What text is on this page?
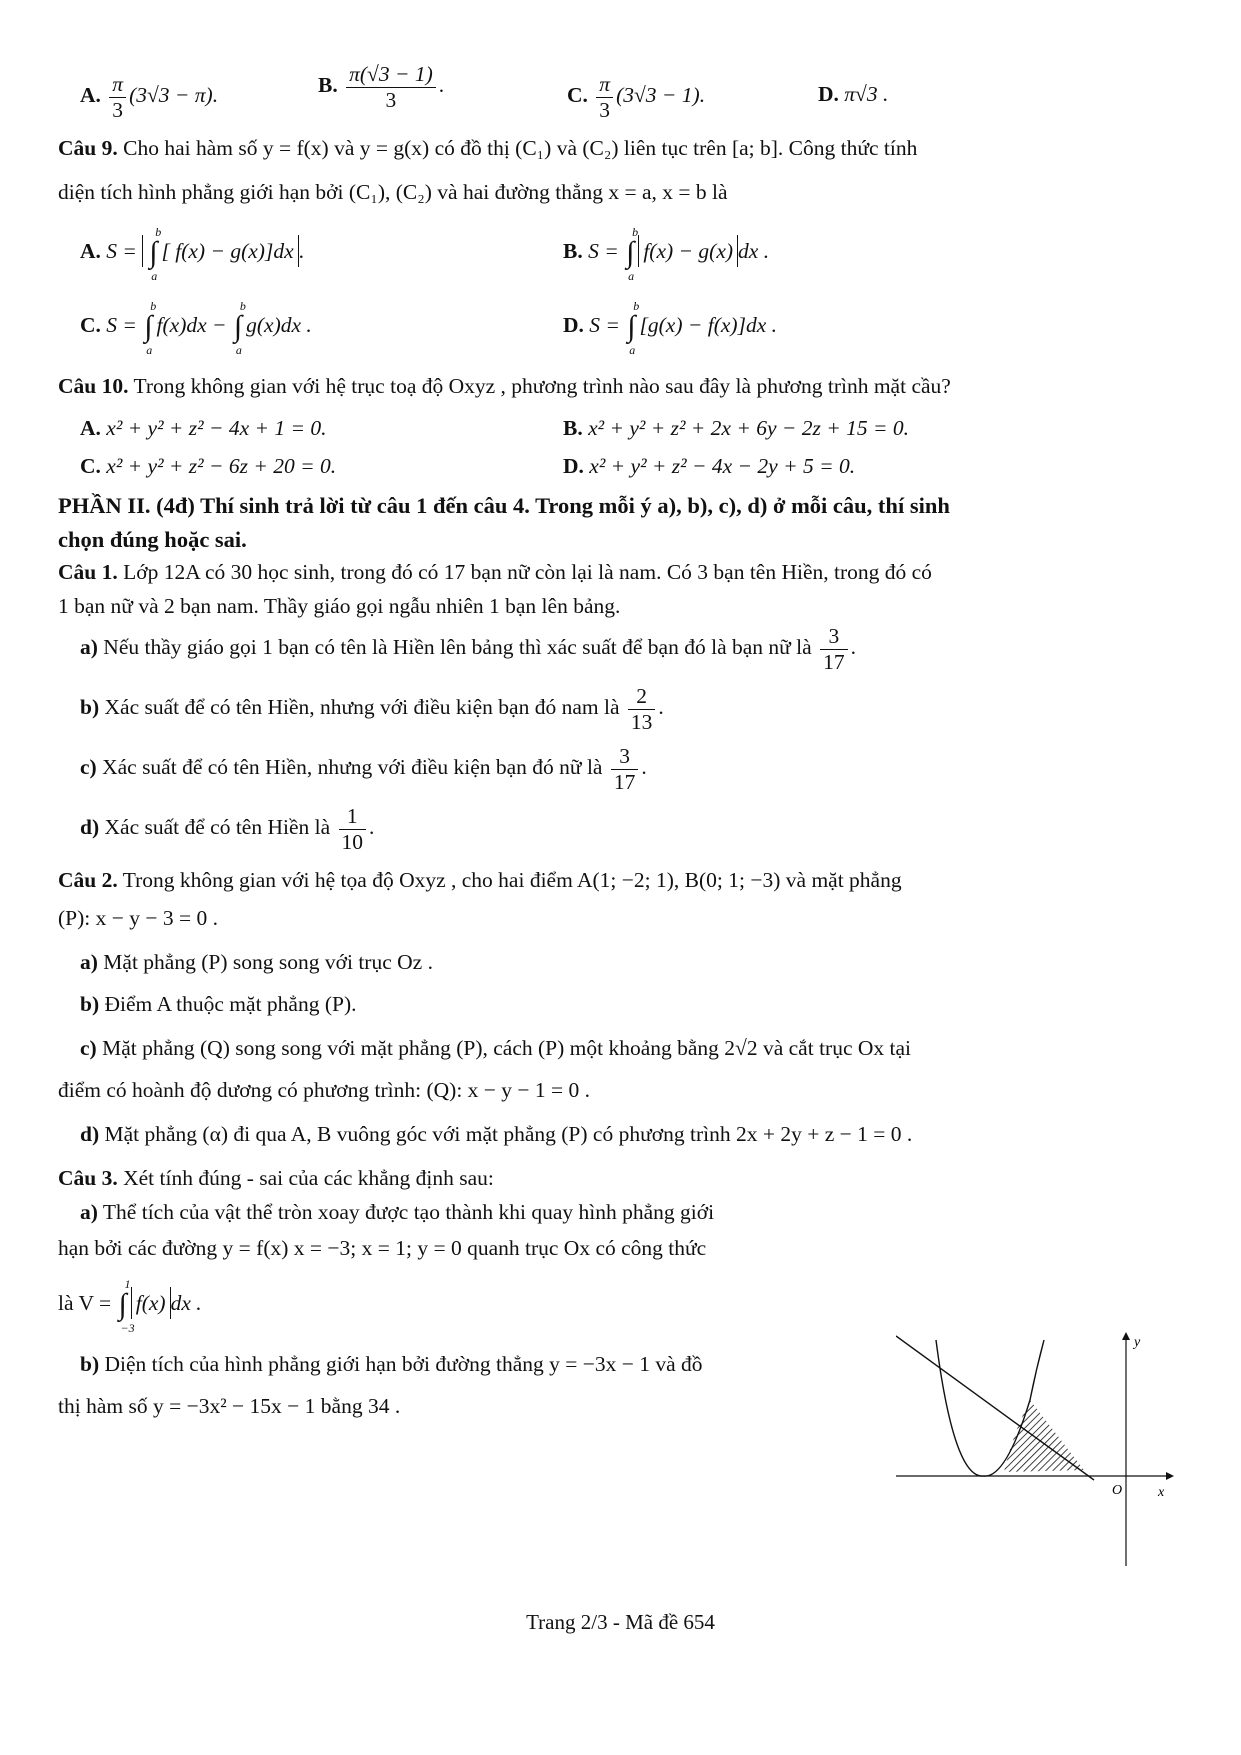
A. $\frac{\pi}{3} (3√3 - \pi)$.	B. $\frac{\pi(√3 - 1)}{3}$ .	C. $\frac{\pi}{3} (3√3 - 1)$.	D. π√3 .
Câu 9. Cho hai hàm số y = f(x) và y = g(x) có đồ thị (C₁) và (C₂) liên tục trên [a; b]. Công thức tính
diện tích hình phẳng giới hạn bởi (C₁), (C₂) và hai đường thẳng x = a, x = b là
A. S = ∫
b
a
[ f(x) − g(x)]dx .	B. S = ∫
b
a
f(x) − g(x) dx .
C. S = ∫
b
a
f(x)dx − ∫
b
a
g(x)dx .	D. S = ∫
b
a
[g(x) − f(x)]dx .
Câu 10. Trong không gian với hệ trục toạ độ Oxyz , phương trình nào sau đây là phương trình mặt cầu?
A. x² + y² + z² − 4x + 1 = 0.	B. x² + y² + z² + 2x + 6y − 2z + 15 = 0.
C. x² + y² + z² − 6z + 20 = 0.	D. x² + y² + z² − 4x − 2y + 5 = 0.
PHẦN II. (4đ) Thí sinh trả lời từ câu 1 đến câu 4. Trong mỗi ý a), b), c), d) ở mỗi câu, thí sinh
chọn đúng hoặc sai.
Câu 1. Lớp 12A có 30 học sinh, trong đó có 17 bạn nữ còn lại là nam. Có 3 bạn tên Hiền, trong đó có
1 bạn nữ và 2 bạn nam. Thầy giáo gọi ngẫu nhiên 1 bạn lên bảng.
a) Nếu thầy giáo gọi 1 bạn có tên là Hiền lên bảng thì xác suất để bạn đó là bạn nữ là $\frac{3}{17}$ .
b) Xác suất để có tên Hiền, nhưng với điều kiện bạn đó nam là $\frac{2}{13}$ .
c) Xác suất để có tên Hiền, nhưng với điều kiện bạn đó nữ là $\frac{3}{17}$ .
d) Xác suất để có tên Hiền là $\frac{1}{10}$ .
Câu 2. Trong không gian với hệ tọa độ Oxyz , cho hai điểm A(1; −2; 1), B(0; 1; −3) và mặt phẳng
(P): x − y − 3 = 0 .
a) Mặt phẳng (P) song song với trục Oz .
b) Điểm A thuộc mặt phẳng (P).
c) Mặt phẳng (Q) song song với mặt phẳng (P), cách (P) một khoảng bằng 2√2 và cắt trục Ox tại
điểm có hoành độ dương có phương trình: (Q): x − y − 1 = 0 .
d) Mặt phẳng (α) đi qua A, B vuông góc với mặt phẳng (P) có phương trình 2x + 2y + z − 1 = 0 .
Câu 3. Xét tính đúng - sai của các khẳng định sau:
a) Thể tích của vật thể tròn xoay được tạo thành khi quay hình phẳng giới
hạn bởi các đường y = f(x) x = −3; x = 1; y = 0 quanh trục Ox có công thức
là V = ∫
1
−3
f(x) dx .
b) Diện tích của hình phẳng giới hạn bởi đường thẳng y = −3x − 1 và đồ
thị hàm số y = −3x² − 15x − 1 bằng 34 .
y
x
O
Trang 2/3 - Mã đề 654
